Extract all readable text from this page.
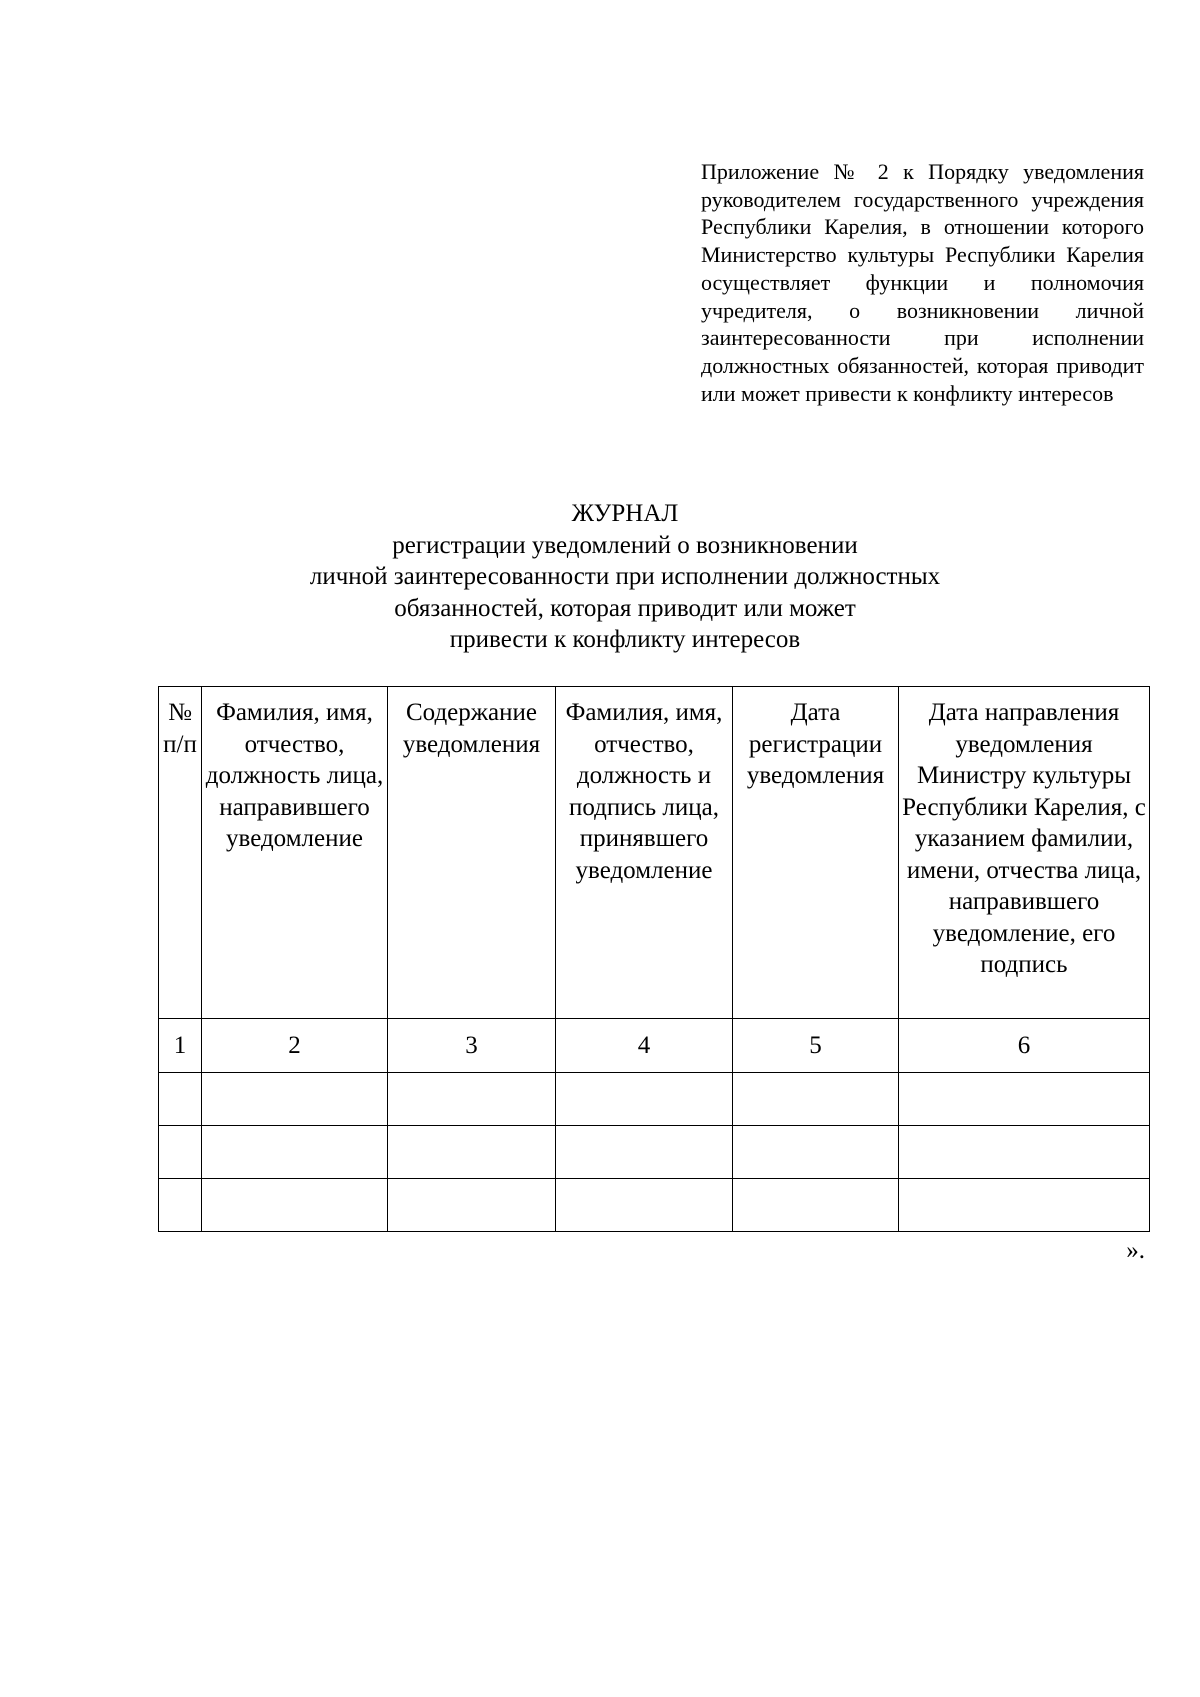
Приложение № 2 к Порядку уведомления руководителем государственного учреждения Республики Карелия, в отношении которого Министерство культуры Республики Карелия осуществляет функции и полномочия учредителя, о возникновении личной заинтересованности при исполнении должностных обязанностей, которая приводит или может привести к конфликту интересов
ЖУРНАЛ
регистрации уведомлений о возникновении
личной заинтересованности при исполнении должностных
обязанностей, которая приводит или может
привести к конфликту интересов
№ п/п	Фамилия, имя, отчество, должность лица, направившего уведомление	Содержание уведомления	Фамилия, имя, отчество, должность и подпись лица, принявшего уведомление	Дата регистрации уведомления	Дата направления уведомления Министру культуры Республики Карелия, с указанием фамилии, имени, отчества лица, направившего уведомление, его подпись
1	2	3	4	5	6

».
